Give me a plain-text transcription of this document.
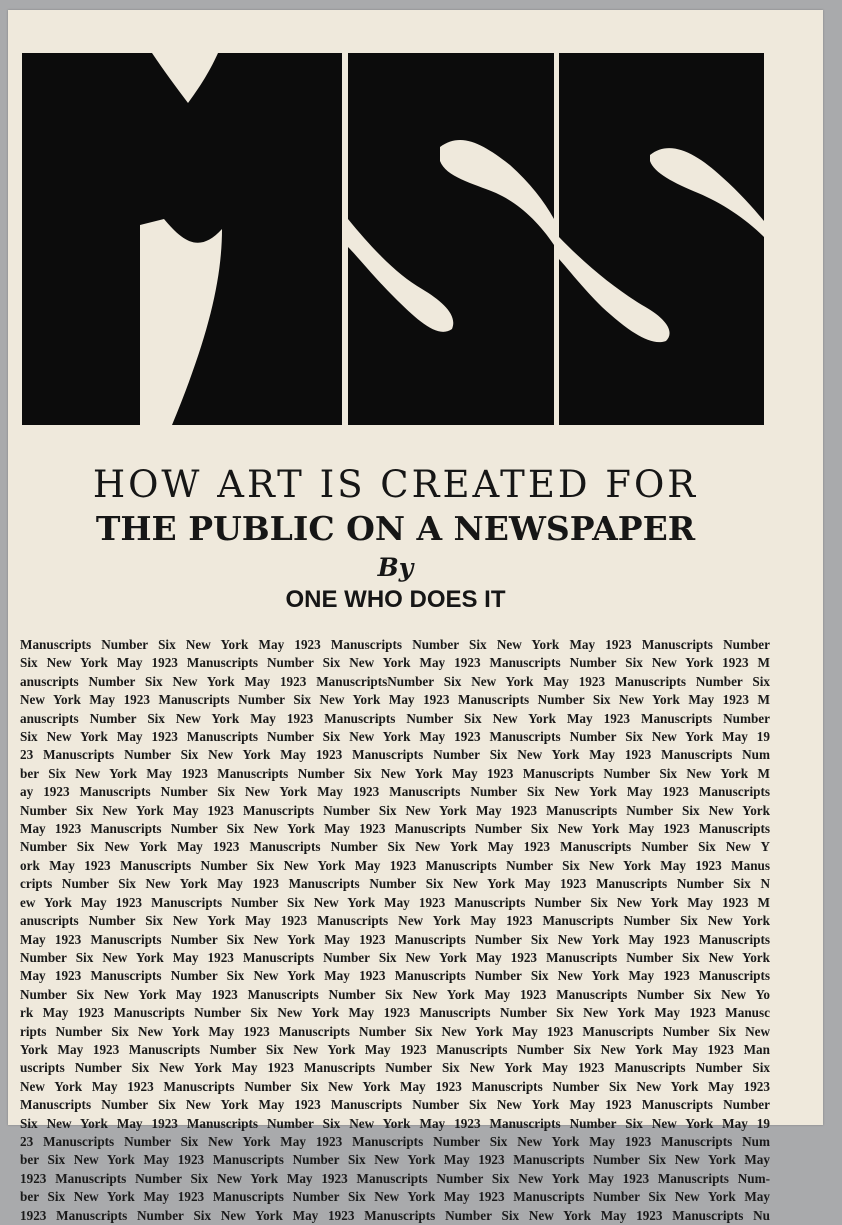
HOW ART IS CREATED FOR
THE PUBLIC ON A NEWSPAPER
By
ONE WHO DOES IT
Manuscripts Number Six New York May 1923 Manuscripts Number Six New York May 1923 Manuscripts Number
Six New York May 1923 Manuscripts Number Six New York May 1923 Manuscripts Number Six New York 1923 M
anuscripts Number Six New York May 1923 ManuscriptsNumber Six New York May 1923 Manuscripts Number Six
New York May 1923 Manuscripts Number Six New York May 1923 Manuscripts Number Six New York May 1923 M
anuscripts Number Six New York May 1923 Manuscripts Number Six New York May 1923 Manuscripts Number
Six New York May 1923 Manuscripts Number Six New York May 1923 Manuscripts Number Six New York May 19
23 Manuscripts Number Six New York May 1923 Manuscripts Number Six New York May 1923 Manuscripts Num
ber Six New York May 1923 Manuscripts Number Six New York May 1923 Manuscripts Number Six New York M
ay 1923 Manuscripts Number Six New York May 1923 Manuscripts Number Six New York May 1923 Manuscripts
Number Six New York May 1923 Manuscripts Number Six New York May 1923 Manuscripts Number Six New York
May 1923 Manuscripts Number Six New York May 1923 Manuscripts Number Six New York May 1923 Manuscripts
Number Six New York May 1923 Manuscripts Number Six New York May 1923 Manuscripts Number Six New Y
ork May 1923 Manuscripts Number Six New York May 1923 Manuscripts Number Six New York May 1923 Manus
cripts Number Six New York May 1923 Manuscripts Number Six New York May 1923 Manuscripts Number Six N
ew York May 1923 Manuscripts Number Six New York May 1923 Manuscripts Number Six New York May 1923 M
anuscripts Number Six New York May 1923 Manuscripts New York May 1923 Manuscripts Number Six New York
May 1923 Manuscripts Number Six New York May 1923 Manuscripts Number Six New York May 1923 Manuscripts
Number Six New York May 1923 Manuscripts Number Six New York May 1923 Manuscripts Number Six New York
May 1923 Manuscripts Number Six New York May 1923 Manuscripts Number Six New York May 1923 Manuscripts
Number Six New York May 1923 Manuscripts Number Six New York May 1923 Manuscripts Number Six New Yo
rk May 1923 Manuscripts Number Six New York May 1923 Manuscripts Number Six New York May 1923 Manusc
ripts Number Six New York May 1923 Manuscripts Number Six New York May 1923 Manuscripts Number Six New
York May 1923 Manuscripts Number Six New York May 1923 Manuscripts Number Six New York May 1923 Man
uscripts Number Six New York May 1923 Manuscripts Number Six New York May 1923 Manuscripts Number Six
New York May 1923 Manuscripts Number Six New York May 1923 Manuscripts Number Six New York May 1923
Manuscripts Number Six New York May 1923 Manuscripts Number Six New York May 1923 Manuscripts Number
Six New York May 1923 Manuscripts Number Six New York May 1923 Manuscripts Number Six New York May 19
23 Manuscripts Number Six New York May 1923 Manuscripts Number Six New York May 1923 Manuscripts Num
ber Six New York May 1923 Manuscripts Number Six New York May 1923 Manuscripts Number Six New York May
1923 Manuscripts Number Six New York May 1923 Manuscripts Number Six New York May 1923 Manuscripts Num-
ber Six New York May 1923 Manuscripts Number Six New York May 1923 Manuscripts Number Six New York May
1923 Manuscripts Number Six New York May 1923 Manuscripts Number Six New York May 1923 Manuscripts Nu
